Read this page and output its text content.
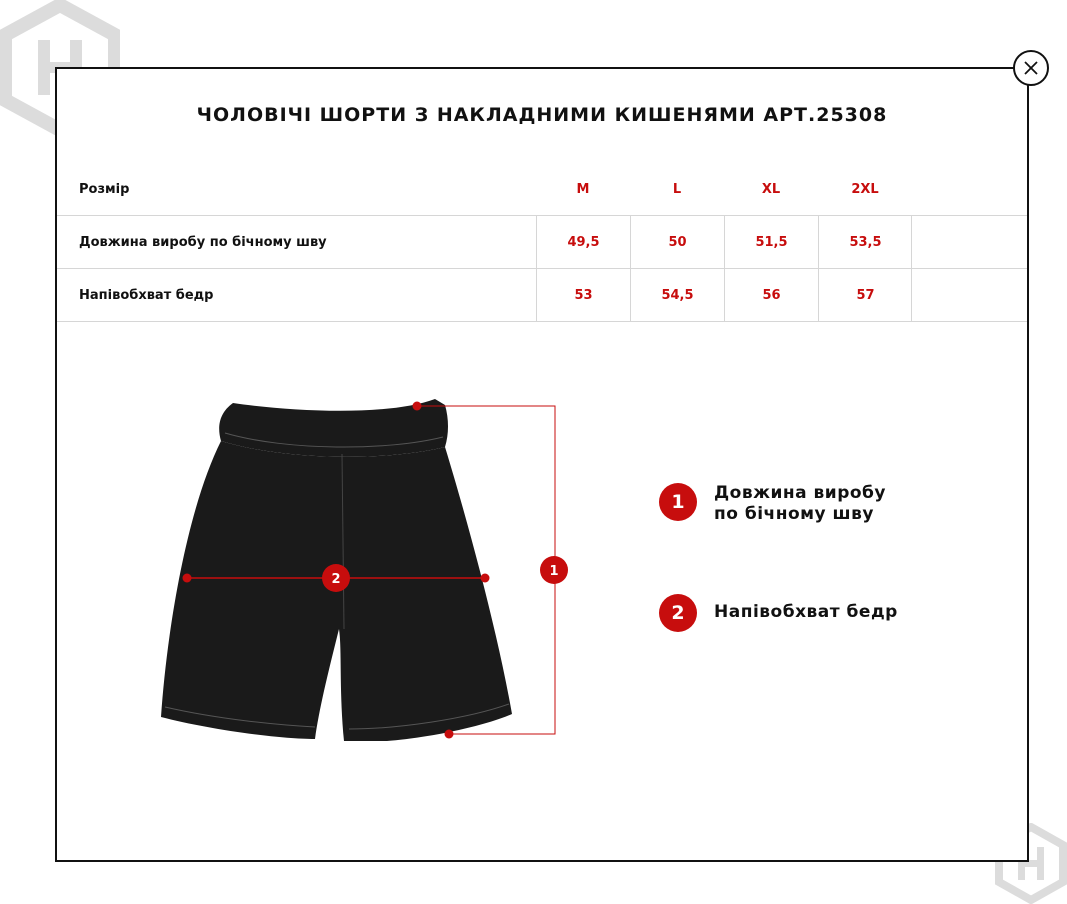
ЧОЛОВІЧІ ШОРТИ З НАКЛАДНИМИ КИШЕНЯМИ АРТ.25308
Розмір	M	L	XL	2XL
Довжина виробу по бічному шву	49,5	50	51,5	53,5
Напівобхват бедр	53	54,5	56	57
1
2
1	Довжина виробу по бічному шву
2	Напівобхват бедр
